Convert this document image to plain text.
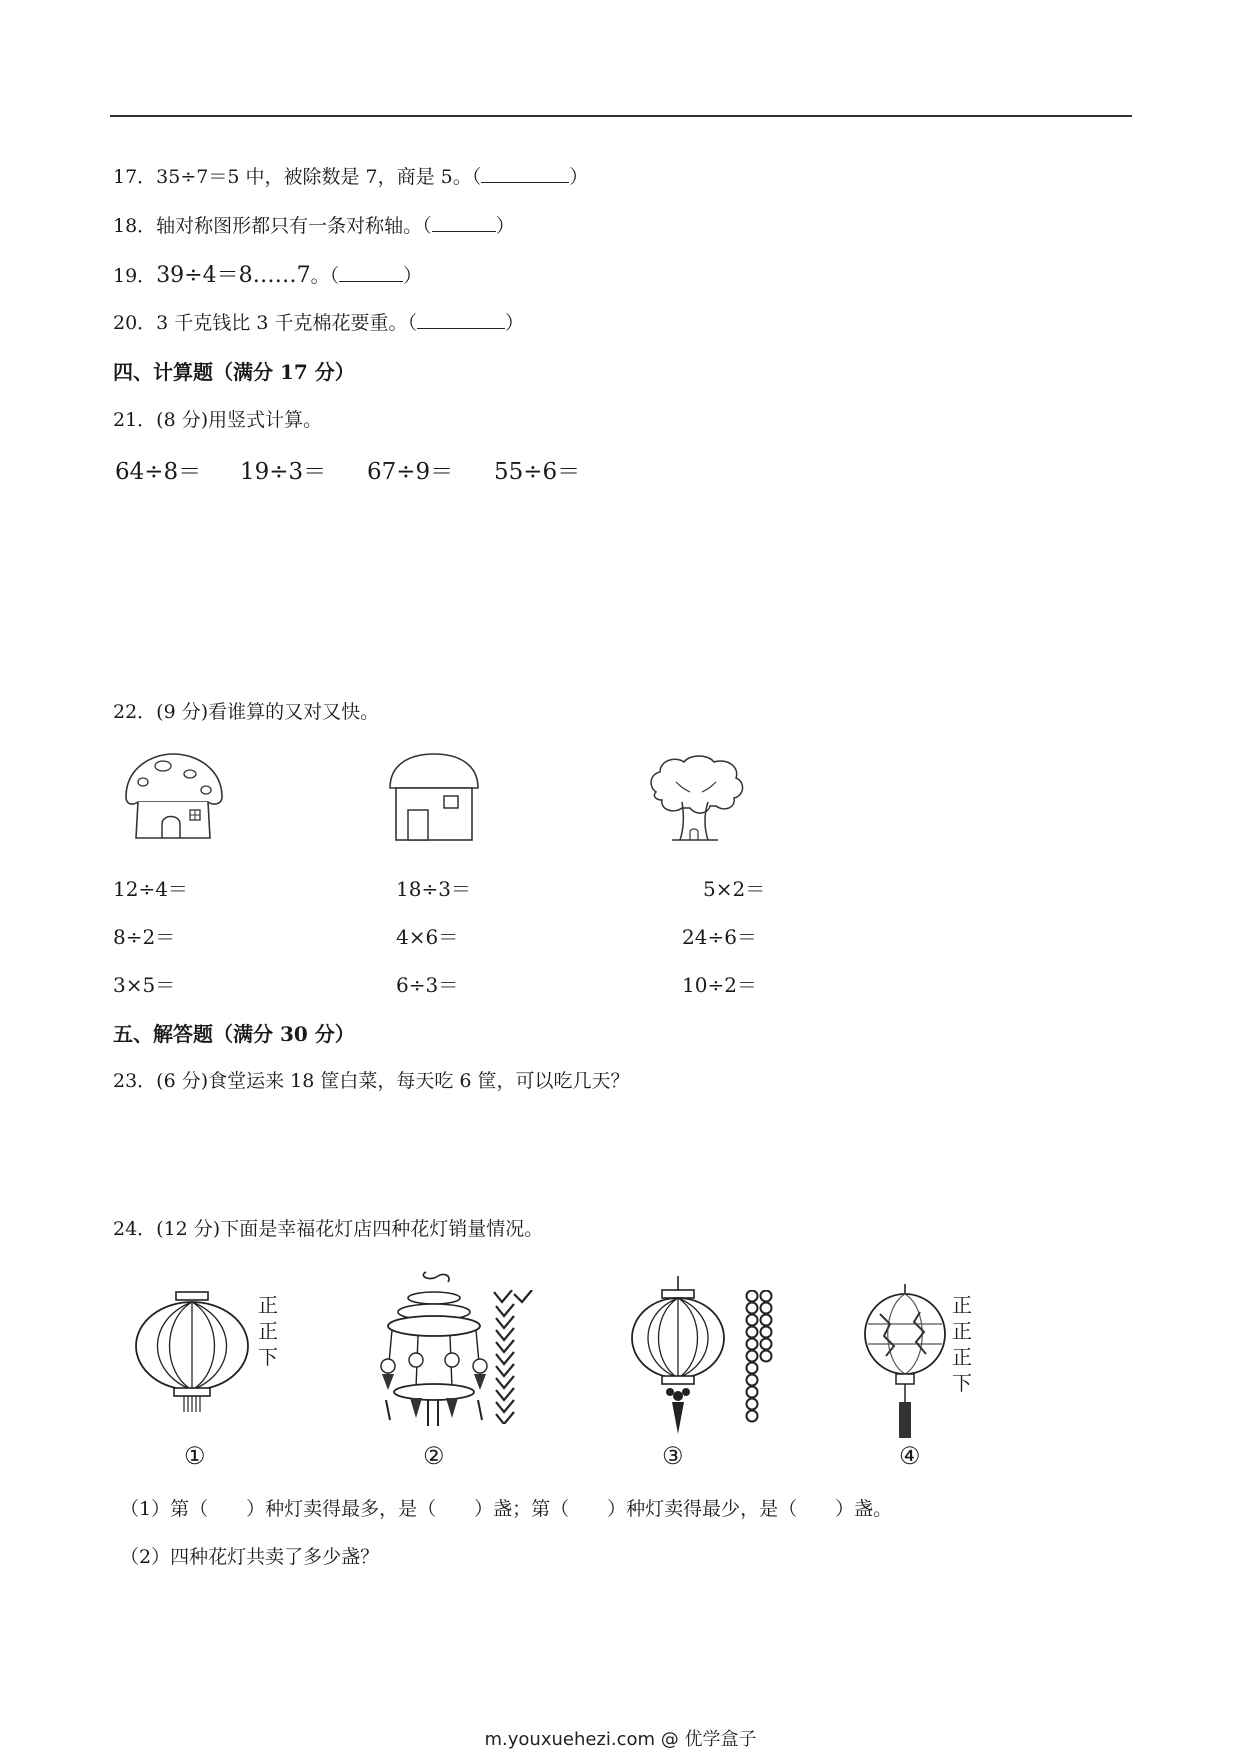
17．35÷7＝5 中，被除数是 7，商是 5。（	）
18．轴对称图形都只有一条对称轴。（	）
19．39÷4＝8……7。（	）
20．3 千克钱比 3 千克棉花要重。（	）
四、计算题（满分 17 分）
21．(8 分)用竖式计算。
64÷8＝ 19÷3＝ 67÷9＝ 55÷6＝
22．(9 分)看谁算的又对又快。
12÷4＝
8÷2＝
3×5＝
18÷3＝
4×6＝
6÷3＝
5×2＝
24÷6＝
10÷2＝
五、解答题（满分 30 分）
23．(6 分)食堂运来 18 筐白菜，每天吃 6 筐，可以吃几天？
24．(12 分)下面是幸福花灯店四种花灯销量情况。
正
正
下
正
正
正
下
①	②	③	④
（1）第（　　）种灯卖得最多，是（　　）盏；第（　　）种灯卖得最少，是（　　）盏。
（2）四种花灯共卖了多少盏？
m.youxuehezi.com @ 优学盒子
